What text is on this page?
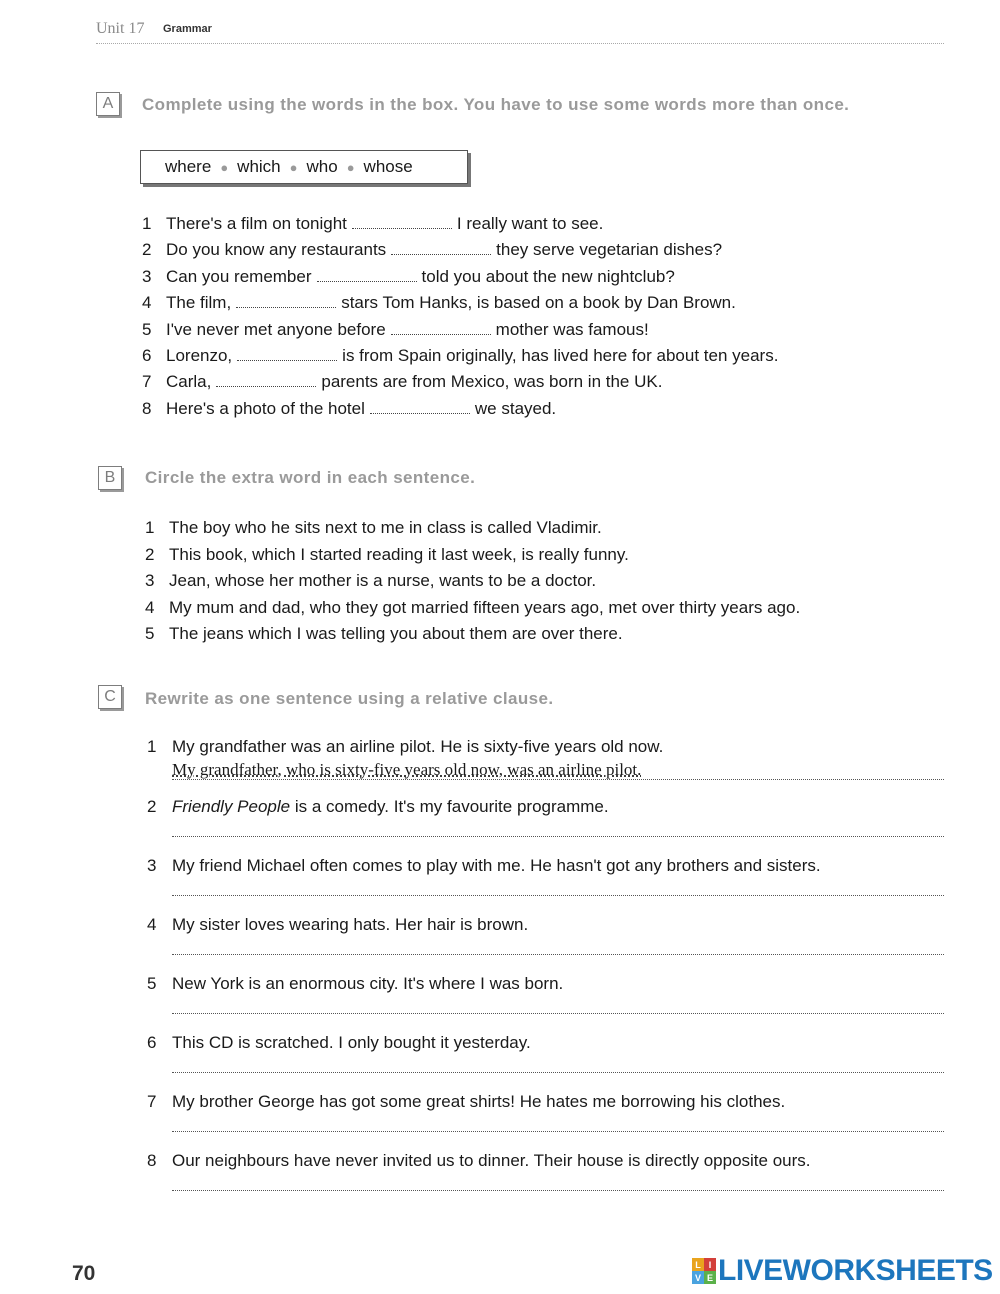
Unit 17 Grammar
A	Complete using the words in the box. You have to use some words more than once.
where ● which ● who ● whose
1 There's a film on tonight	I really want to see.
2 Do you know any restaurants	they serve vegetarian dishes?
3 Can you remember	told you about the new nightclub?
4 The film,	stars Tom Hanks, is based on a book by Dan Brown.
5 I've never met anyone before	mother was famous!
6 Lorenzo,	is from Spain originally, has lived here for about ten years.
7 Carla,	parents are from Mexico, was born in the UK.
8 Here's a photo of the hotel	we stayed.
B	Circle the extra word in each sentence.
1 The boy who he sits next to me in class is called Vladimir.
2 This book, which I started reading it last week, is really funny.
3 Jean, whose her mother is a nurse, wants to be a doctor.
4 My mum and dad, who they got married fifteen years ago, met over thirty years ago.
5 The jeans which I was telling you about them are over there.
C	Rewrite as one sentence using a relative clause.
1 My grandfather was an airline pilot. He is sixty-five years old now.
My grandfather, who is sixty-five years old now, was an airline pilot.
2 Friendly People is a comedy. It's my favourite programme.
3 My friend Michael often comes to play with me. He hasn't got any brothers and sisters.
4 My sister loves wearing hats. Her hair is brown.
5 New York is an enormous city. It's where I was born.
6 This CD is scratched. I only bought it yesterday.
7 My brother George has got some great shirts! He hates me borrowing his clothes.
8 Our neighbours have never invited us to dinner. Their house is directly opposite ours.
70	L I
V E LIVEWORKSHEETS
